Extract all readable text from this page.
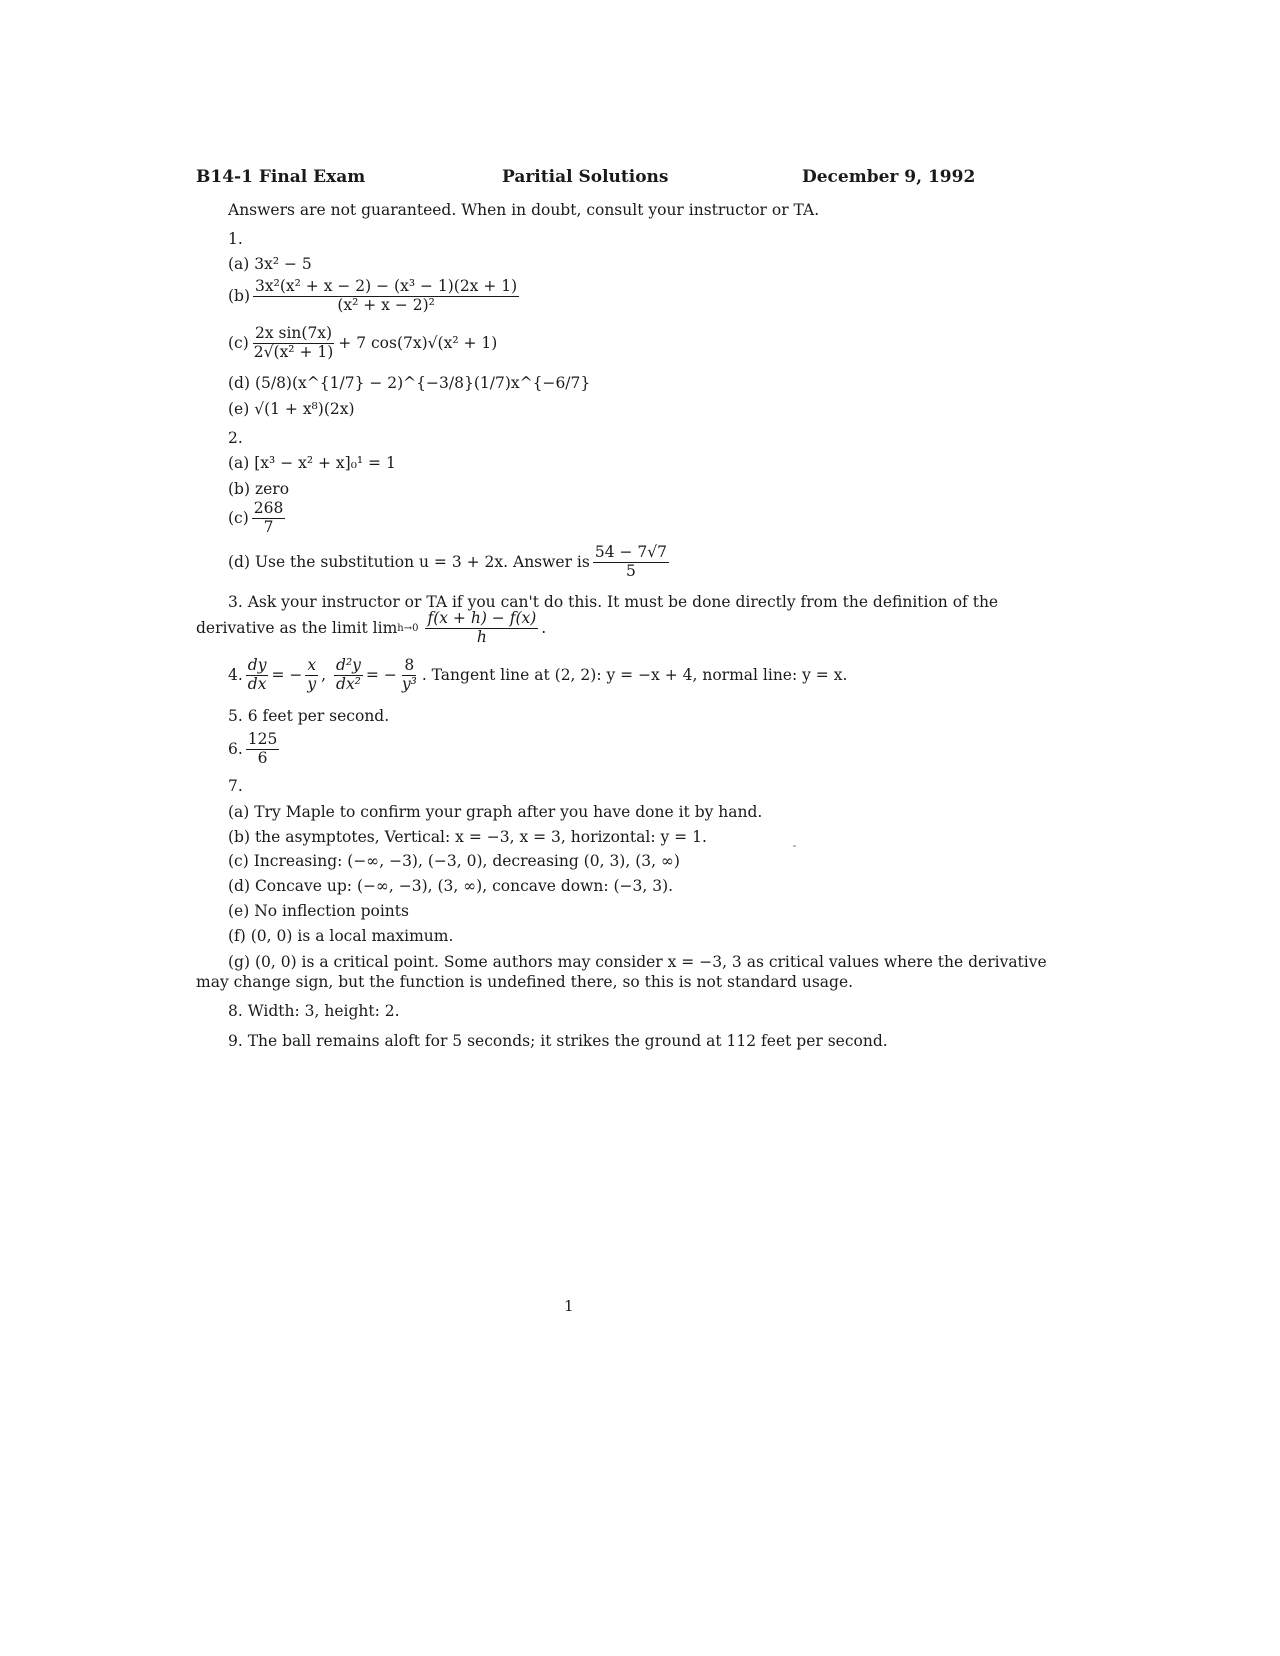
B14-1 Final Exam	Paritial Solutions	December 9, 1992
Answers are not guaranteed. When in doubt, consult your instructor or TA.
1.
(a) 3x² − 5
$(b) \frac{\text{3x²(x² + x − 2) − (x³ − 1)(2x + 1)}}{\text{(x² + x − 2)²}}$
$(c) \frac{\text{2x sin(7x)}}{\text{2√(x² + 1)}} + 7$ cos(7x)√(x² + 1)
(d) (5/8)(x^{1/7} − 2)^{−3/8}(1/7)x^{−6/7}
(e) √(1 + x⁸)(2x)
2.
(a) [x³ − x² + x]₀¹ = 1
(b) zero
$(c) \frac{268}{7}$
(d) Use the substitution u = 3 + 2x. Answer is $\frac{54 - 7√7}{5}$
3. Ask your instructor or TA if you can't do this. It must be done directly from the definition of the
derivative as the limit $\lim h\to 0 \frac{f(x + h) - f(x)}{h}$ .
4. $\frac{dy}{dx}$ = − $\frac{x}{y}$ , $\frac{\text{d²y}}{\text{dx²}}$ = − $\frac{8}{\text{y³}}$ . Tangent line at (2, 2): y = −x + 4, normal line: y = x.
5. 6 feet per second.
6. $\frac{125}{6}$
7.
(a) Try Maple to confirm your graph after you have done it by hand.
(b) the asymptotes, Vertical: x = −3, x = 3, horizontal: y = 1.
(c) Increasing: (−∞, −3), (−3, 0), decreasing (0, 3), (3, ∞)
(d) Concave up: (−∞, −3), (3, ∞), concave down: (−3, 3).
(e) No inflection points
(f) (0, 0) is a local maximum.
(g) (0, 0) is a critical point. Some authors may consider x = −3, 3 as critical values where the derivative
may change sign, but the function is undefined there, so this is not standard usage.
8. Width: 3, height: 2.
9. The ball remains aloft for 5 seconds; it strikes the ground at 112 feet per second.
1
